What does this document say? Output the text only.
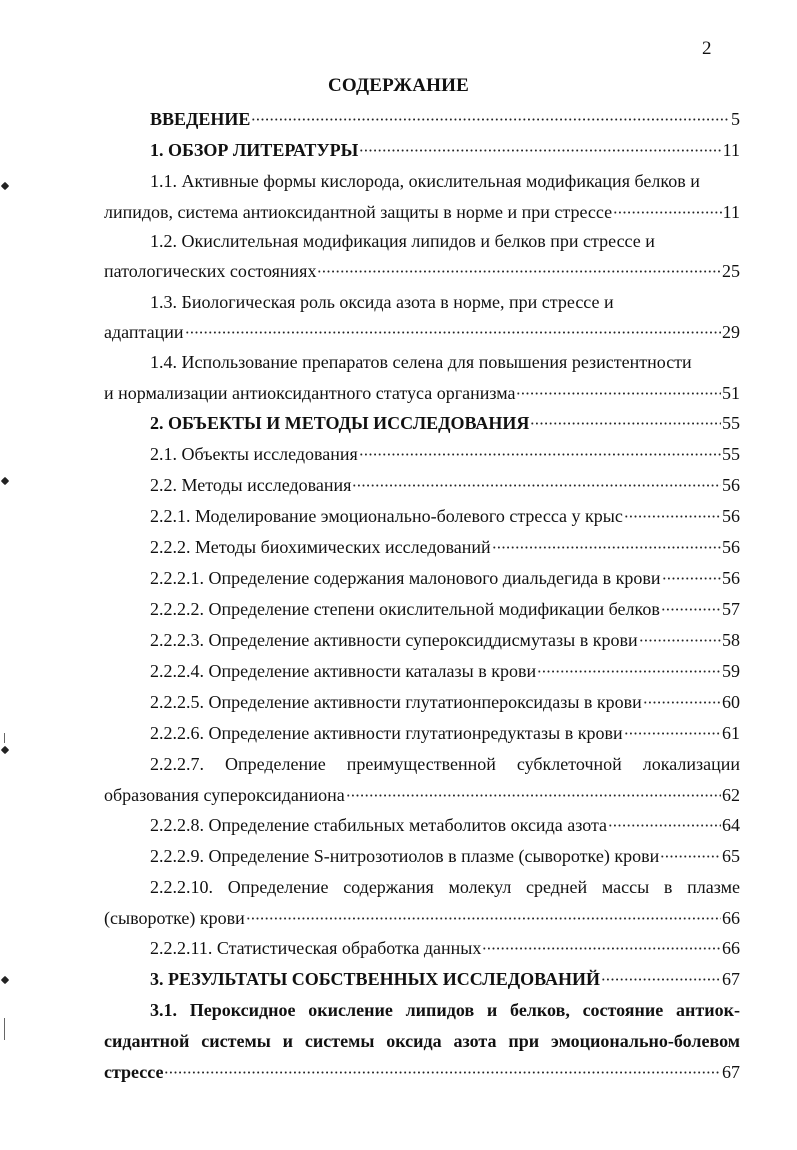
2
СОДЕРЖАНИЕ
ВВЕДЕНИЕ	5
1. ОБЗОР ЛИТЕРАТУРЫ	11
1.1. Активные формы кислорода, окислительная модификация белков и
липидов, система антиоксидантной защиты в норме и при стрессе	11
1.2. Окислительная модификация липидов и белков при стрессе и
патологических состояниях	25
1.3. Биологическая роль оксида азота в норме, при стрессе и
адаптации	29
1.4. Использование препаратов селена для повышения резистентности
и нормализации антиоксидантного статуса организма	51
2. ОБЪЕКТЫ И МЕТОДЫ ИССЛЕДОВАНИЯ	55
2.1. Объекты исследования	55
2.2. Методы исследования	56
2.2.1. Моделирование эмоционально-болевого стресса у крыс	56
2.2.2. Методы биохимических исследований	56
2.2.2.1. Определение содержания малонового диальдегида в крови	56
2.2.2.2. Определение степени окислительной модификации белков	57
2.2.2.3. Определение активности супероксиддисмутазы в крови	58
2.2.2.4. Определение активности каталазы в крови	59
2.2.2.5. Определение активности глутатионпероксидазы в крови	60
2.2.2.6. Определение активности глутатионредуктазы в крови	61
2.2.2.7. Определение преимущественной субклеточной локализации
образования супероксиданиона	62
2.2.2.8. Определение стабильных метаболитов оксида азота	64
2.2.2.9. Определение S-нитрозотиолов в плазме (сыворотке) крови	65
2.2.2.10. Определение содержания молекул средней массы в плазме
(сыворотке) крови	66
2.2.2.11. Статистическая обработка данных	66
3. РЕЗУЛЬТАТЫ СОБСТВЕННЫХ ИССЛЕДОВАНИЙ	67
3.1. Пероксидное окисление липидов и белков, состояние антиок-
сидантной системы и системы оксида азота при эмоционально-болевом
стрессе	67
